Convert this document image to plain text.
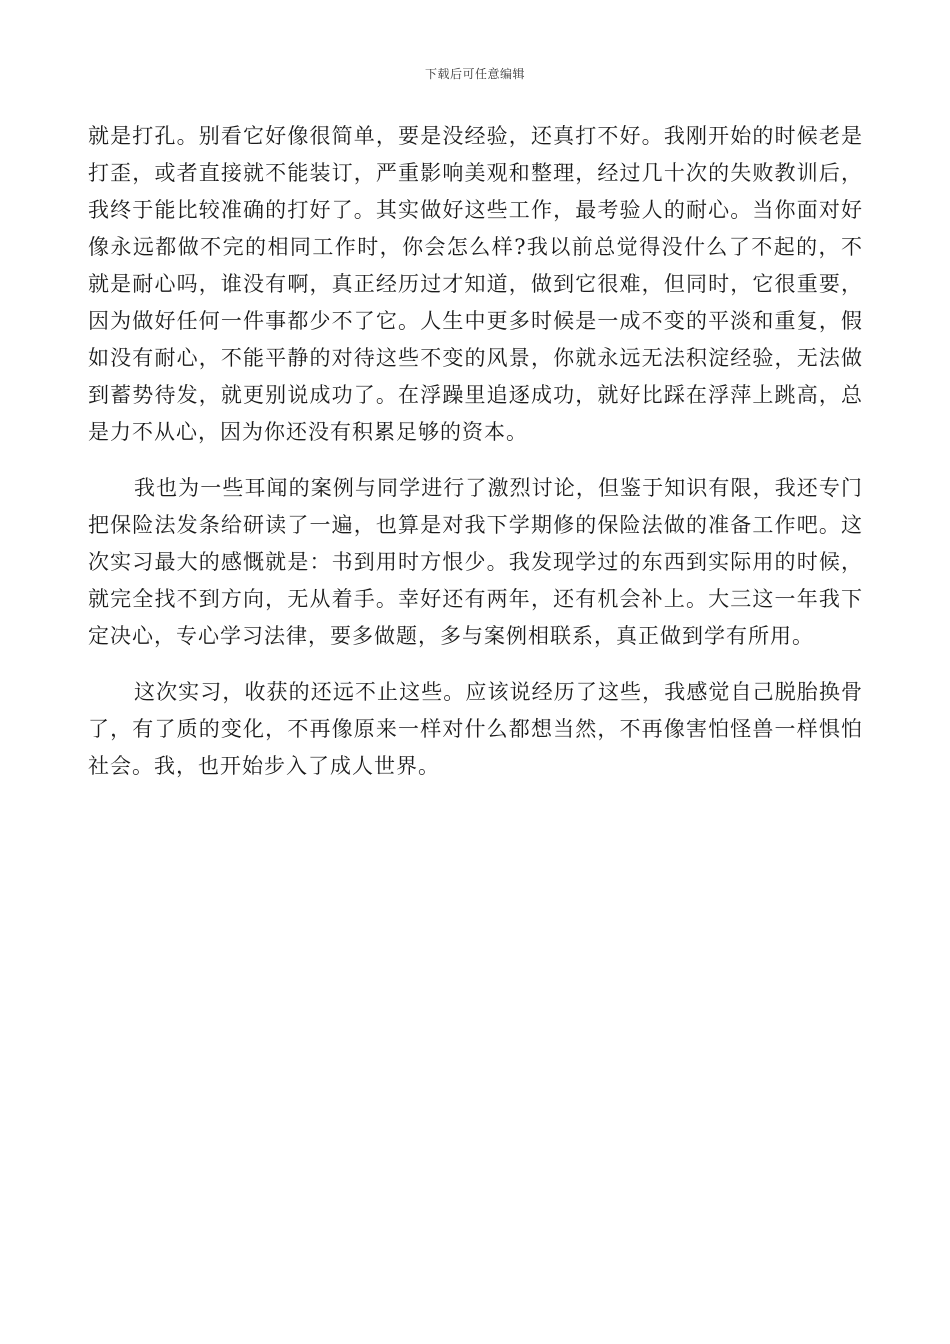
下载后可任意编辑

就是打孔。别看它好像很简单，要是没经验，还真打不好。我刚开始的时候老是打歪，或者直接就不能装订，严重影响美观和整理，经过几十次的失败教训后，我终于能比较准确的打好了。其实做好这些工作，最考验人的耐心。当你面对好像永远都做不完的相同工作时，你会怎么样?我以前总觉得没什么了不起的，不就是耐心吗，谁没有啊，真正经历过才知道，做到它很难，但同时，它很重要，因为做好任何一件事都少不了它。人生中更多时候是一成不变的平淡和重复，假如没有耐心，不能平静的对待这些不变的风景，你就永远无法积淀经验，无法做到蓄势待发，就更别说成功了。在浮躁里追逐成功，就好比踩在浮萍上跳高，总是力不从心，因为你还没有积累足够的资本。

我也为一些耳闻的案例与同学进行了激烈讨论，但鉴于知识有限，我还专门把保险法发条给研读了一遍，也算是对我下学期修的保险法做的准备工作吧。这次实习最大的感慨就是：书到用时方恨少。我发现学过的东西到实际用的时候，就完全找不到方向，无从着手。幸好还有两年，还有机会补上。大三这一年我下定决心，专心学习法律，要多做题，多与案例相联系，真正做到学有所用。

这次实习，收获的还远不止这些。应该说经历了这些，我感觉自己脱胎换骨了，有了质的变化，不再像原来一样对什么都想当然，不再像害怕怪兽一样惧怕社会。我，也开始步入了成人世界。
